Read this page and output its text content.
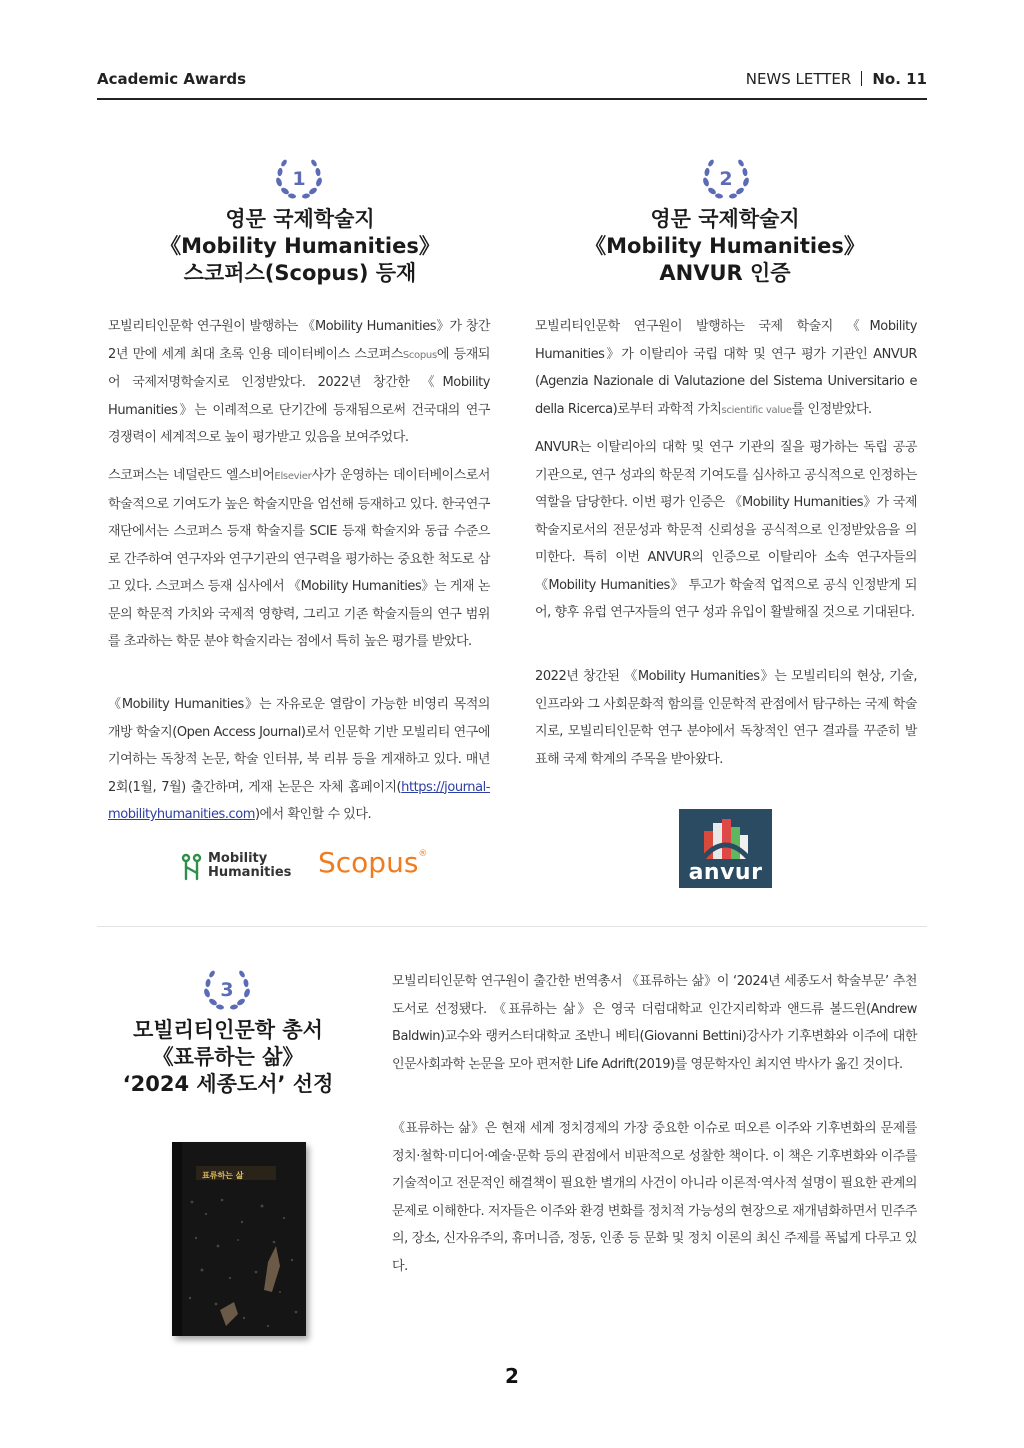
Academic Awards	NEWS LETTER No. 11
1	2
3
영문 국제학술지
《Mobility Humanities》
스코퍼스(Scopus) 등재
영문 국제학술지
《Mobility Humanities》
ANVUR 인증
모빌리티인문학 총서
《표류하는 삶》
‘2024 세종도서’ 선정

모빌리티인문학 연구원이 발행하는 《Mobility Humanities》가 창간 2년 만에 세계 최대 초록 인용 데이터베이스 스코퍼스Scopus에 등재되어 국제저명학술지로 인정받았다. 2022년 창간한 《Mobility Humanities》는 이례적으로 단기간에 등재됨으로써 건국대의 연구 경쟁력이 세계적으로 높이 평가받고 있음을 보여주었다.

스코퍼스는 네덜란드 엘스비어Elsevier사가 운영하는 데이터베이스로서 학술적으로 기여도가 높은 학술지만을 엄선해 등재하고 있다. 한국연구재단에서는 스코퍼스 등재 학술지를 SCIE 등재 학술지와 동급 수준으로 간주하여 연구자와 연구기관의 연구력을 평가하는 중요한 척도로 삼고 있다. 스코퍼스 등재 심사에서 《Mobility Humanities》는 게재 논문의 학문적 가치와 국제적 영향력, 그리고 기존 학술지들의 연구 범위를 초과하는 학문 분야 학술지라는 점에서 특히 높은 평가를 받았다.

《Mobility Humanities》는 자유로운 열람이 가능한 비영리 목적의 개방 학술지(Open Access Journal)로서 인문학 기반 모빌리티 연구에 기여하는 독창적 논문, 학술 인터뷰, 북 리뷰 등을 게재하고 있다. 매년 2회(1월, 7월) 출간하며, 게재 논문은 자체 홈페이지(https://journal-mobilityhumanities.com)에서 확인할 수 있다.

Mobility
Humanities Scopus®

모빌리티인문학 연구원이 발행하는 국제 학술지 《Mobility Humanities》가 이탈리아 국립 대학 및 연구 평가 기관인 ANVUR (Agenzia Nazionale di Valutazione del Sistema Universitario e della Ricerca)로부터 과학적 가치scientific value를 인정받았다.

ANVUR는 이탈리아의 대학 및 연구 기관의 질을 평가하는 독립 공공 기관으로, 연구 성과의 학문적 기여도를 심사하고 공식적으로 인정하는 역할을 담당한다. 이번 평가 인증은 《Mobility Humanities》가 국제 학술지로서의 전문성과 학문적 신뢰성을 공식적으로 인정받았음을 의미한다. 특히 이번 ANVUR의 인증으로 이탈리아 소속 연구자들의 《Mobility Humanities》 투고가 학술적 업적으로 공식 인정받게 되어, 향후 유럽 연구자들의 연구 성과 유입이 활발해질 것으로 기대된다.

2022년 창간된 《Mobility Humanities》는 모빌리티의 현상, 기술, 인프라와 그 사회문화적 함의를 인문학적 관점에서 탐구하는 국제 학술지로, 모빌리티인문학 연구 분야에서 독창적인 연구 결과를 꾸준히 발표해 국제 학계의 주목을 받아왔다.

anvur
표류하는 삶

모빌리티인문학 연구원이 출간한 번역총서 《표류하는 삶》이 ‘2024년 세종도서 학술부문’ 추천도서로 선정됐다. 《표류하는 삶》은 영국 더럼대학교 인간지리학과 앤드류 볼드윈(Andrew Baldwin)교수와 랭커스터대학교 조반니 베티(Giovanni Bettini)강사가 기후변화와 이주에 대한 인문사회과학 논문을 모아 편저한 Life Adrift(2019)를 영문학자인 최지연 박사가 옮긴 것이다.

《표류하는 삶》은 현재 세계 정치경제의 가장 중요한 이슈로 떠오른 이주와 기후변화의 문제를 정치·철학·미디어·예술·문학 등의 관점에서 비판적으로 성찰한 책이다. 이 책은 기후변화와 이주를 기술적이고 전문적인 해결책이 필요한 별개의 사건이 아니라 이론적·역사적 설명이 필요한 관계의 문제로 이해한다. 저자들은 이주와 환경 변화를 정치적 가능성의 현장으로 재개념화하면서 민주주의, 장소, 신자유주의, 휴머니즘, 정동, 인종 등 문화 및 정치 이론의 최신 주제를 폭넓게 다루고 있다.

2
